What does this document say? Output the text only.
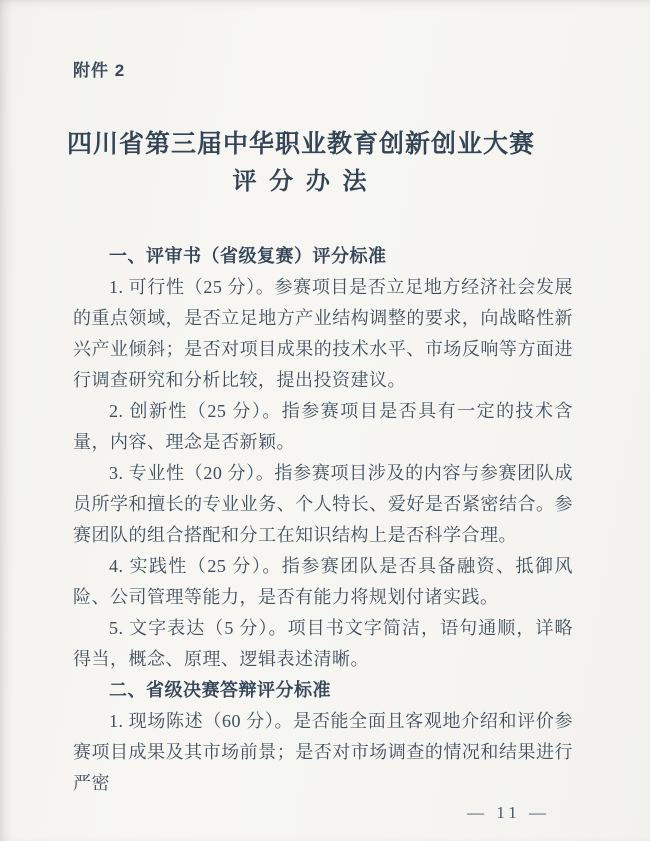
附件 2
四川省第三届中华职业教育创新创业大赛
评 分 办 法
一、评审书（省级复赛）评分标准

1. 可行性（25 分）。参赛项目是否立足地方经济社会发展的重点领域，是否立足地方产业结构调整的要求，向战略性新兴产业倾斜；是否对项目成果的技术水平、市场反响等方面进行调查研究和分析比较，提出投资建议。

2. 创新性（25 分）。指参赛项目是否具有一定的技术含量，内容、理念是否新颖。

3. 专业性（20 分）。指参赛项目涉及的内容与参赛团队成员所学和擅长的专业业务、个人特长、爱好是否紧密结合。参赛团队的组合搭配和分工在知识结构上是否科学合理。

4. 实践性（25 分）。指参赛团队是否具备融资、抵御风险、公司管理等能力，是否有能力将规划付诸实践。

5. 文字表达（5 分）。项目书文字简洁，语句通顺，详略得当，概念、原理、逻辑表述清晰。

二、省级决赛答辩评分标准

1. 现场陈述（60 分）。是否能全面且客观地介绍和评价参赛项目成果及其市场前景；是否对市场调查的情况和结果进行严密

— 11 —
